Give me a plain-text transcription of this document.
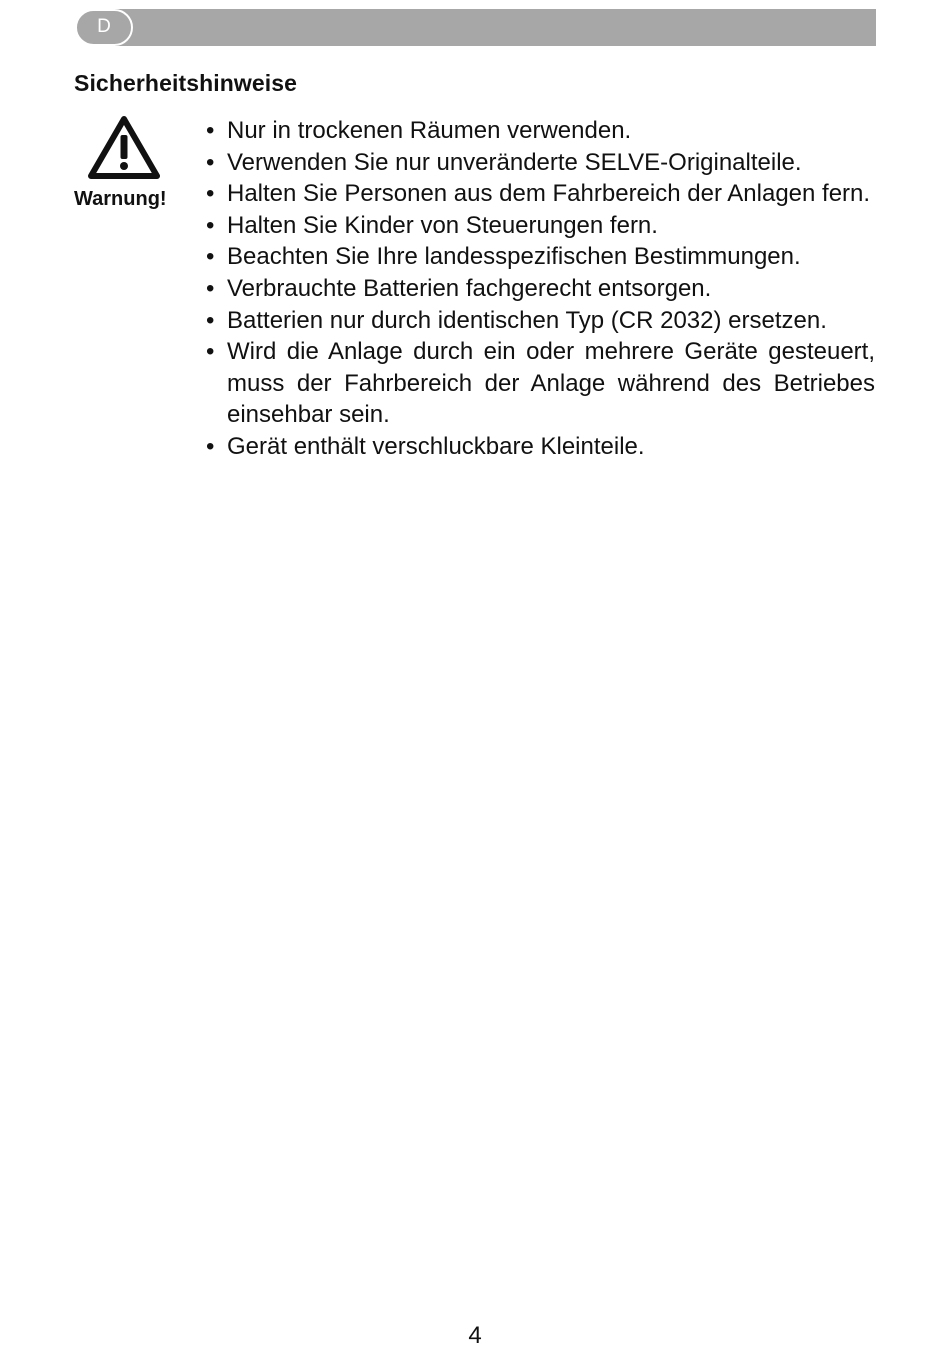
D
Sicherheitshinweise
Warnung!
• Nur in trockenen Räumen verwenden.
• Verwenden Sie nur unveränderte SELVE-Originalteile.
• Halten Sie Personen aus dem Fahrbereich der Anlagen fern.
• Halten Sie Kinder von Steuerungen fern.
• Beachten Sie Ihre landesspezifischen Bestimmungen.
• Verbrauchte Batterien fachgerecht entsorgen.
• Batterien nur durch identischen Typ (CR 2032) ersetzen.
• Wird die Anlage durch ein oder mehrere Geräte gesteuert, muss der Fahrbereich der Anlage während des Betriebes einsehbar sein.
• Gerät enthält verschluckbare Kleinteile.
4
